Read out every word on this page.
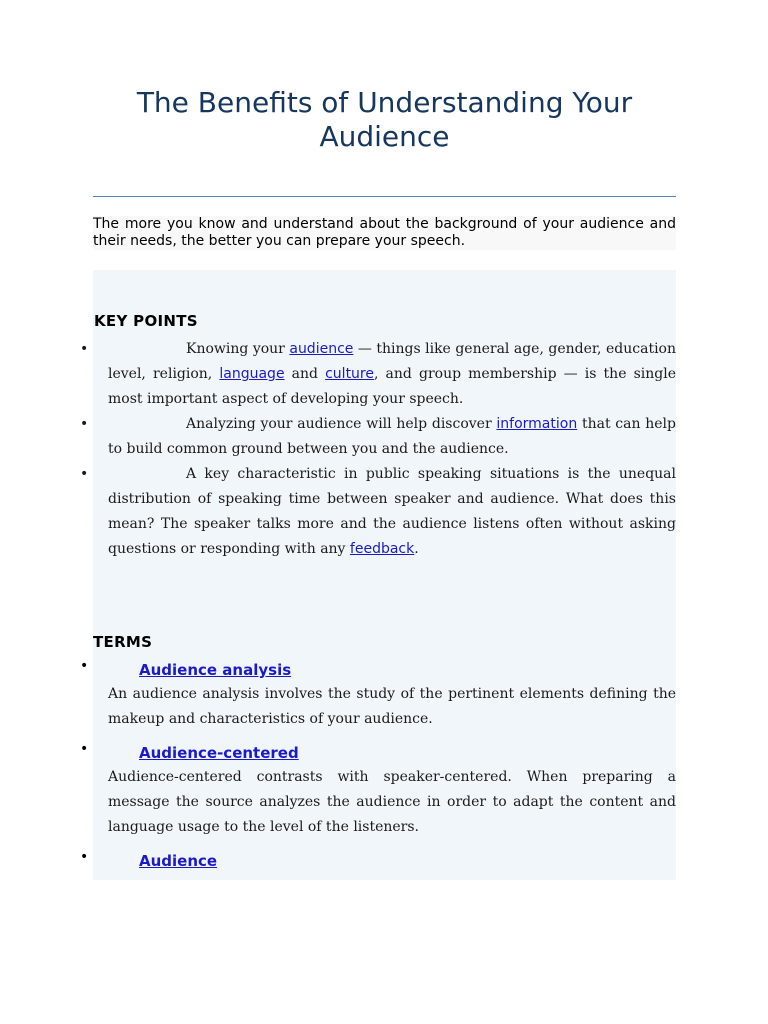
The Benefits of Understanding Your Audience
The more you know and understand about the background of your audience and their needs, the better you can prepare your speech.
KEY POINTS
•	Knowing your audience — things like general age, gender, education level, religion, language and culture, and group membership — is the single most important aspect of developing your speech.
•	Analyzing your audience will help discover information that can help to build common ground between you and the audience.
•	A key characteristic in public speaking situations is the unequal distribution of speaking time between speaker and audience. What does this mean? The speaker talks more and the audience listens often without asking questions or responding with any feedback.
TERMS
•	Audience analysis
An audience analysis involves the study of the pertinent elements defining the makeup and characteristics of your audience.
•	Audience-centered
Audience-centered contrasts with speaker-centered. When preparing a message the source analyzes the audience in order to adapt the content and language usage to the level of the listeners.
•	Audience
